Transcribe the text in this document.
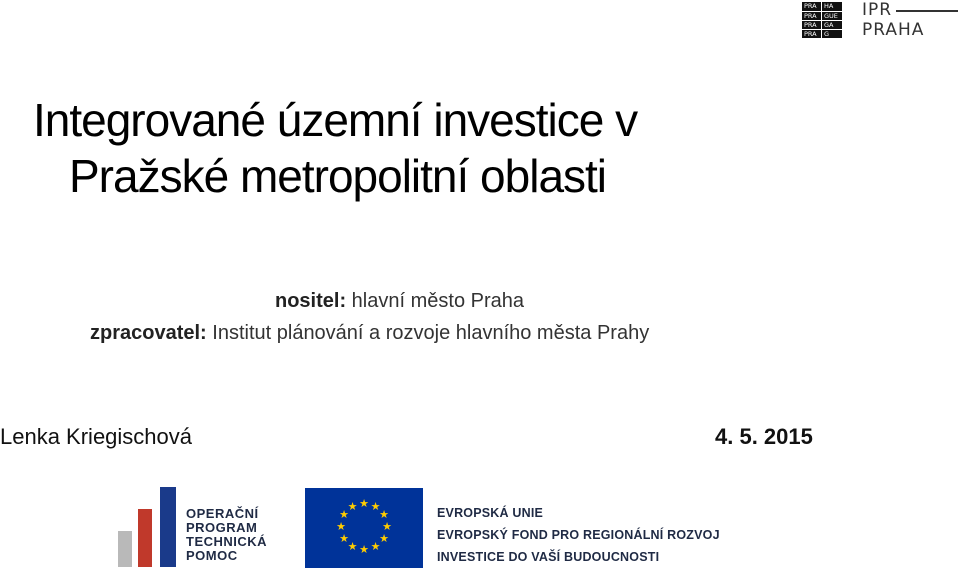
PRA	HA
PRA	GUE
PRA	GA
PRA	G
IPR
PRAHA
Integrované územní investice v
Pražské metropolitní oblasti
nositel: hlavní město Praha
zpracovatel: Institut plánování a rozvoje hlavního města Prahy
Lenka Kriegischová	4. 5. 2015
OPERAČNÍ
PROGRAM
TECHNICKÁ
POMOC
★ ★
★
★
★
★
★
★
★
★
★
★	EVROPSKÁ UNIE
EVROPSKÝ FOND PRO REGIONÁLNÍ ROZVOJ
INVESTICE DO VAŠÍ BUDOUCNOSTI
